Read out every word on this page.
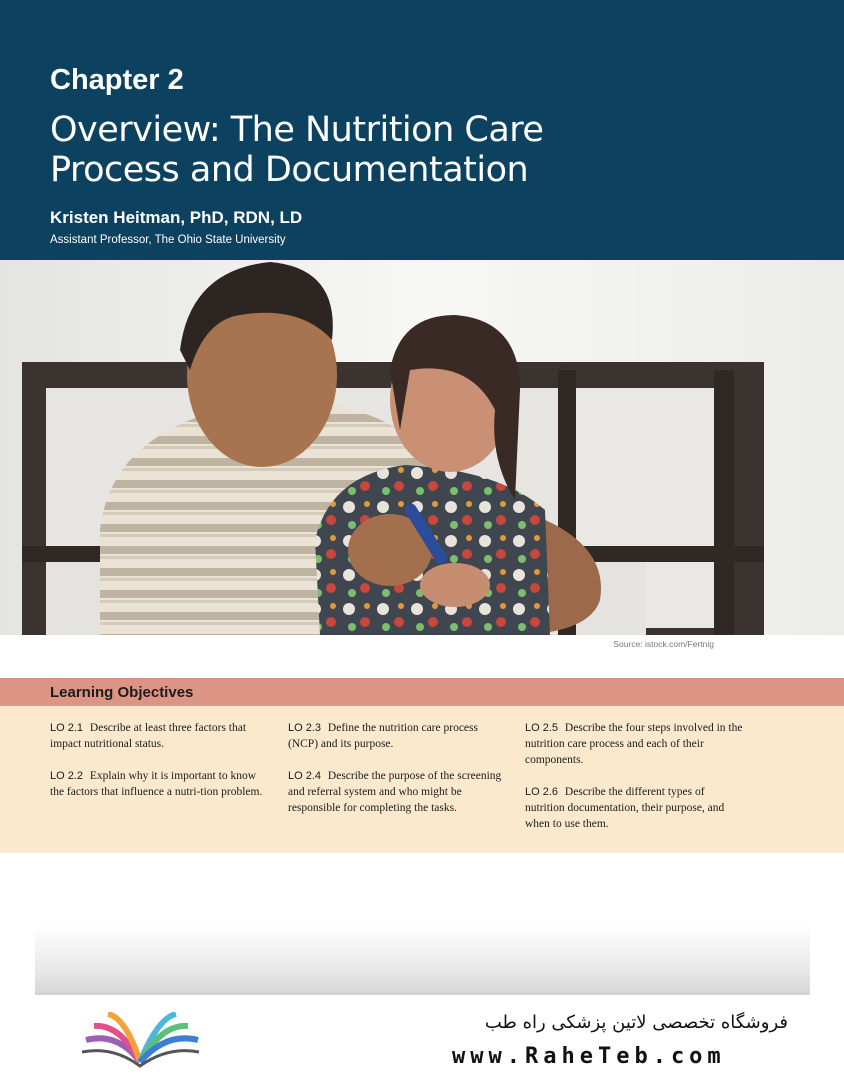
Chapter 2
Overview: The Nutrition Care
Process and Documentation
Kristen Heitman, PhD, RDN, LD
Assistant Professor, The Ohio State University
Source: istock.com/Fertnig
Learning Objectives

LO 2.1 Describe at least three factors that impact nutritional status.

LO 2.2 Explain why it is important to know the factors that influence a nutri-tion problem.

LO 2.3 Define the nutrition care process (NCP) and its purpose.

LO 2.4 Describe the purpose of the screening and referral system and who might be responsible for completing the tasks.

LO 2.5 Describe the four steps involved in the nutrition care process and each of their components.

LO 2.6 Describe the different types of nutrition documentation, their purpose, and when to use them.

فروشگاه تخصصی لاتین پزشکی راه طب
www.RaheTeb.com
